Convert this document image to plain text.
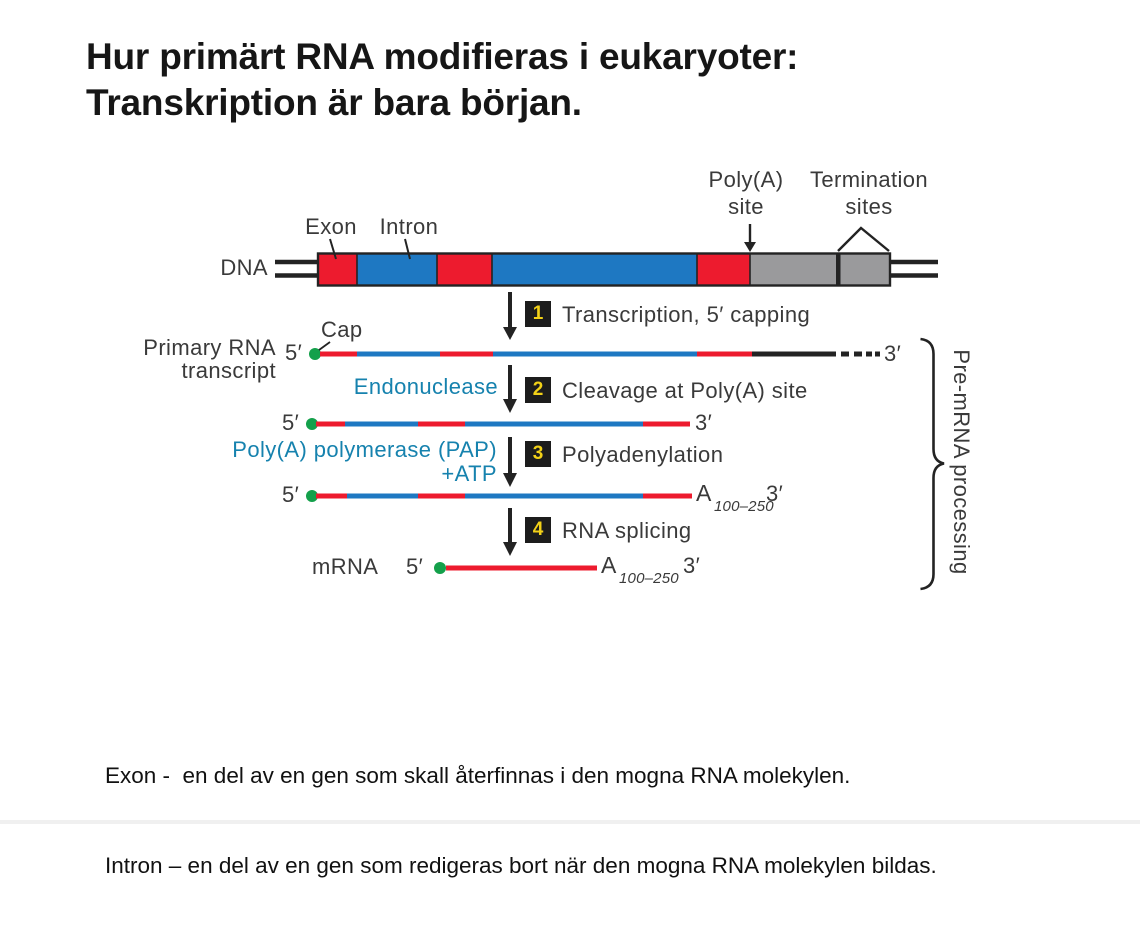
Hur primärt RNA modifieras i eukaryoter:
Transkription är bara början.
DNA
Exon	Intron
Poly(A)
site
Termination
sites
1 Transcription, 5′ capping
2 Cleavage at Poly(A) site
3 Polyadenylation
4 RNA splicing
Endonuclease
Poly(A) polymerase (PAP)
+ATP
Primary RNA
transcript
Cap
5′	3′
5′	3′
5′	A
100–250
3′
mRNA 5′	A
100–250
3′	Pre-mRNA processing

Exon -  en del av en gen som skall återfinnas i den mogna RNA molekylen.

Intron – en del av en gen som redigeras bort när den mogna RNA molekylen bildas.
